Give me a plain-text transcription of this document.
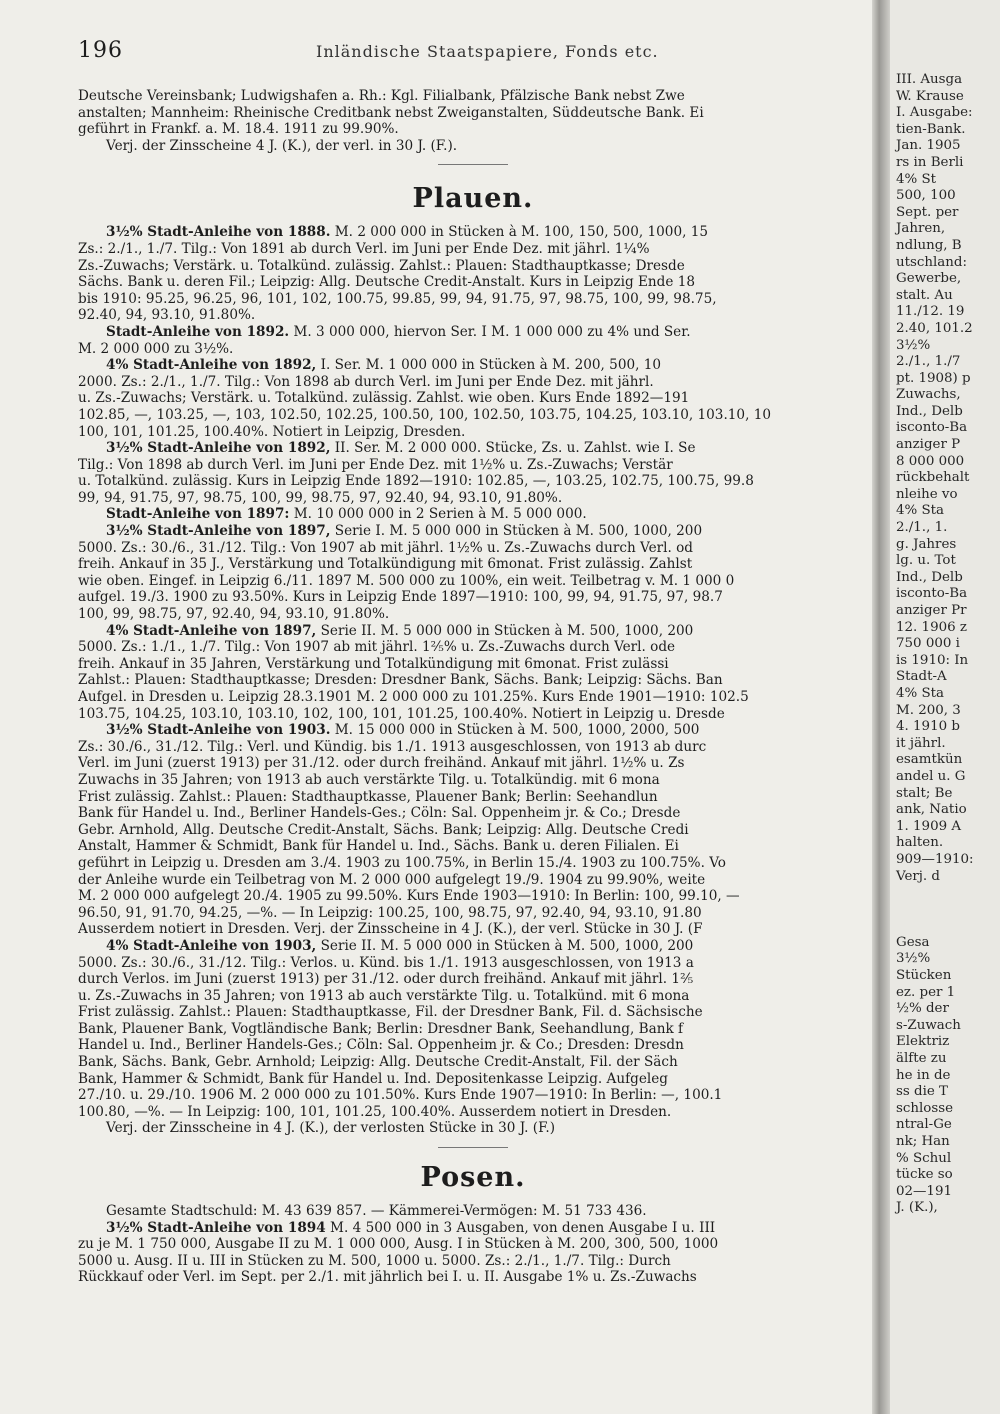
196	Inländische Staatspapiere, Fonds etc.
Deutsche Vereinsbank; Ludwigshafen a. Rh.: Kgl. Filialbank, Pfälzische Bank nebst Zwe
anstalten; Mannheim: Rheinische Creditbank nebst Zweiganstalten, Süddeutsche Bank. Ei
geführt in Frankf. a. M. 18.4. 1911 zu 99.90%.
Verj. der Zinsscheine 4 J. (K.), der verl. in 30 J. (F.).
Plauen.
3½% Stadt-Anleihe von 1888. M. 2 000 000 in Stücken à M. 100, 150, 500, 1000, 15
Zs.: 2./1., 1./7. Tilg.: Von 1891 ab durch Verl. im Juni per Ende Dez. mit jährl. 1¼%
Zs.-Zuwachs; Verstärk. u. Totalkünd. zulässig. Zahlst.: Plauen: Stadthauptkasse; Dresde
Sächs. Bank u. deren Fil.; Leipzig: Allg. Deutsche Credit-Anstalt. Kurs in Leipzig Ende 18
bis 1910: 95.25, 96.25, 96, 101, 102, 100.75, 99.85, 99, 94, 91.75, 97, 98.75, 100, 99, 98.75,
92.40, 94, 93.10, 91.80%.
Stadt-Anleihe von 1892. M. 3 000 000, hiervon Ser. I M. 1 000 000 zu 4% und Ser.
M. 2 000 000 zu 3½%.
4% Stadt-Anleihe von 1892, I. Ser. M. 1 000 000 in Stücken à M. 200, 500, 10
2000. Zs.: 2./1., 1./7. Tilg.: Von 1898 ab durch Verl. im Juni per Ende Dez. mit jährl.
u. Zs.-Zuwachs; Verstärk. u. Totalkünd. zulässig. Zahlst. wie oben. Kurs Ende 1892—191
102.85, —, 103.25, —, 103, 102.50, 102.25, 100.50, 100, 102.50, 103.75, 104.25, 103.10, 103.10, 10
100, 101, 101.25, 100.40%. Notiert in Leipzig, Dresden.
3½% Stadt-Anleihe von 1892, II. Ser. M. 2 000 000. Stücke, Zs. u. Zahlst. wie I. Se
Tilg.: Von 1898 ab durch Verl. im Juni per Ende Dez. mit 1½% u. Zs.-Zuwachs; Verstär
u. Totalkünd. zulässig. Kurs in Leipzig Ende 1892—1910: 102.85, —, 103.25, 102.75, 100.75, 99.8
99, 94, 91.75, 97, 98.75, 100, 99, 98.75, 97, 92.40, 94, 93.10, 91.80%.
Stadt-Anleihe von 1897: M. 10 000 000 in 2 Serien à M. 5 000 000.
3½% Stadt-Anleihe von 1897, Serie I. M. 5 000 000 in Stücken à M. 500, 1000, 200
5000. Zs.: 30./6., 31./12. Tilg.: Von 1907 ab mit jährl. 1½% u. Zs.-Zuwachs durch Verl. od
freih. Ankauf in 35 J., Verstärkung und Totalkündigung mit 6monat. Frist zulässig. Zahlst
wie oben. Eingef. in Leipzig 6./11. 1897 M. 500 000 zu 100%, ein weit. Teilbetrag v. M. 1 000 0
aufgel. 19./3. 1900 zu 93.50%. Kurs in Leipzig Ende 1897—1910: 100, 99, 94, 91.75, 97, 98.7
100, 99, 98.75, 97, 92.40, 94, 93.10, 91.80%.
4% Stadt-Anleihe von 1897, Serie II. M. 5 000 000 in Stücken à M. 500, 1000, 200
5000. Zs.: 1./1., 1./7. Tilg.: Von 1907 ab mit jährl. 1²⁄₅% u. Zs.-Zuwachs durch Verl. ode
freih. Ankauf in 35 Jahren, Verstärkung und Totalkündigung mit 6monat. Frist zulässi
Zahlst.: Plauen: Stadthauptkasse; Dresden: Dresdner Bank, Sächs. Bank; Leipzig: Sächs. Ban
Aufgel. in Dresden u. Leipzig 28.3.1901 M. 2 000 000 zu 101.25%. Kurs Ende 1901—1910: 102.5
103.75, 104.25, 103.10, 103.10, 102, 100, 101, 101.25, 100.40%. Notiert in Leipzig u. Dresde
3½% Stadt-Anleihe von 1903. M. 15 000 000 in Stücken à M. 500, 1000, 2000, 500
Zs.: 30./6., 31./12. Tilg.: Verl. und Kündig. bis 1./1. 1913 ausgeschlossen, von 1913 ab durc
Verl. im Juni (zuerst 1913) per 31./12. oder durch freihänd. Ankauf mit jährl. 1½% u. Zs
Zuwachs in 35 Jahren; von 1913 ab auch verstärkte Tilg. u. Totalkündig. mit 6 mona
Frist zulässig. Zahlst.: Plauen: Stadthauptkasse, Plauener Bank; Berlin: Seehandlun
Bank für Handel u. Ind., Berliner Handels-Ges.; Cöln: Sal. Oppenheim jr. & Co.; Dresde
Gebr. Arnhold, Allg. Deutsche Credit-Anstalt, Sächs. Bank; Leipzig: Allg. Deutsche Credi
Anstalt, Hammer & Schmidt, Bank für Handel u. Ind., Sächs. Bank u. deren Filialen. Ei
geführt in Leipzig u. Dresden am 3./4. 1903 zu 100.75%, in Berlin 15./4. 1903 zu 100.75%. Vo
der Anleihe wurde ein Teilbetrag von M. 2 000 000 aufgelegt 19./9. 1904 zu 99.90%, weite
M. 2 000 000 aufgelegt 20./4. 1905 zu 99.50%. Kurs Ende 1903—1910: In Berlin: 100, 99.10, —
96.50, 91, 91.70, 94.25, —%. — In Leipzig: 100.25, 100, 98.75, 97, 92.40, 94, 93.10, 91.80
Ausserdem notiert in Dresden. Verj. der Zinsscheine in 4 J. (K.), der verl. Stücke in 30 J. (F
4% Stadt-Anleihe von 1903, Serie II. M. 5 000 000 in Stücken à M. 500, 1000, 200
5000. Zs.: 30./6., 31./12. Tilg.: Verlos. u. Künd. bis 1./1. 1913 ausgeschlossen, von 1913 a
durch Verlos. im Juni (zuerst 1913) per 31./12. oder durch freihänd. Ankauf mit jährl. 1²⁄₅
u. Zs.-Zuwachs in 35 Jahren; von 1913 ab auch verstärkte Tilg. u. Totalkünd. mit 6 mona
Frist zulässig. Zahlst.: Plauen: Stadthauptkasse, Fil. der Dresdner Bank, Fil. d. Sächsische
Bank, Plauener Bank, Vogtländische Bank; Berlin: Dresdner Bank, Seehandlung, Bank f
Handel u. Ind., Berliner Handels-Ges.; Cöln: Sal. Oppenheim jr. & Co.; Dresden: Dresdn
Bank, Sächs. Bank, Gebr. Arnhold; Leipzig: Allg. Deutsche Credit-Anstalt, Fil. der Säch
Bank, Hammer & Schmidt, Bank für Handel u. Ind. Depositenkasse Leipzig. Aufgeleg
27./10. u. 29./10. 1906 M. 2 000 000 zu 101.50%. Kurs Ende 1907—1910: In Berlin: —, 100.1
100.80, —%. — In Leipzig: 100, 101, 101.25, 100.40%. Ausserdem notiert in Dresden.
Verj. der Zinsscheine in 4 J. (K.), der verlosten Stücke in 30 J. (F.)
Posen.
Gesamte Stadtschuld: M. 43 639 857. — Kämmerei-Vermögen: M. 51 733 436.
3½% Stadt-Anleihe von 1894 M. 4 500 000 in 3 Ausgaben, von denen Ausgabe I u. III
zu je M. 1 750 000, Ausgabe II zu M. 1 000 000, Ausg. I in Stücken à M. 200, 300, 500, 1000
5000 u. Ausg. II u. III in Stücken zu M. 500, 1000 u. 5000. Zs.: 2./1., 1./7. Tilg.: Durch
Rückkauf oder Verl. im Sept. per 2./1. mit jährlich bei I. u. II. Ausgabe 1% u. Zs.-Zuwachs
III. Ausga
W. Krause
I. Ausgabe:
tien-Bank.
Jan. 1905
rs in Berli
4% St
500, 100
Sept. per
Jahren,
ndlung, B
utschland:
Gewerbe,
stalt. Au
11./12. 19
2.40, 101.2
3½%
2./1., 1./7
pt. 1908) p
Zuwachs,
Ind., Delb
isconto-Ba
anziger P
8 000 000
rückbehalt
nleihe vo
4% Sta
2./1., 1.
g. Jahres
lg. u. Tot
Ind., Delb
isconto-Ba
anziger Pr
12. 1906 z
750 000 i
is 1910: In
Stadt-A
4% Sta
M. 200, 3
4. 1910 b
it jährl.
esamtkün
andel u. G
stalt; Be
ank, Natio
1. 1909 A
halten.
909—1910:
Verj. d

Gesa
3½%
Stücken
ez. per 1
½% der
s-Zuwach
Elektriz
älfte zu
he in de
ss die T
schlosse
ntral-Ge
nk; Han
% Schul
tücke so
02—191
J. (K.),
